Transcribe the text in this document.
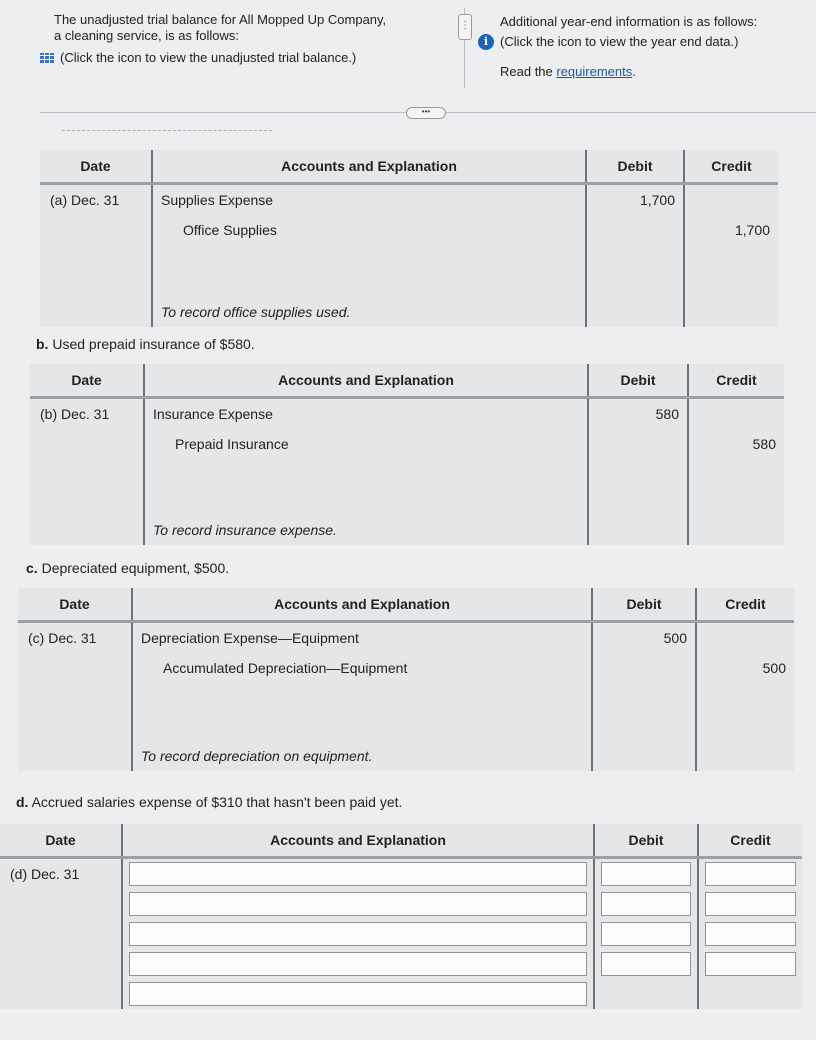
The unadjusted trial balance for All Mopped Up Company,
a cleaning service, is as follows:
(Click the icon to view the unadjusted trial balance.)
⋮ Additional year-end information is as follows:
i (Click the icon to view the year end data.)
Read the requirements.
•••
Date	Accounts and Explanation	Debit	Credit
(a) Dec. 31	Supplies Expense	1,700	
	Office Supplies		1,700

	To record office supplies used.		
b. Used prepaid insurance of $580.
Date	Accounts and Explanation	Debit	Credit
(b) Dec. 31	Insurance Expense	580	
	Prepaid Insurance		580

	To record insurance expense.		
c. Depreciated equipment, $500.
Date	Accounts and Explanation	Debit	Credit
(c) Dec. 31	Depreciation Expense—Equipment	500	
	Accumulated Depreciation—Equipment		500

	To record depreciation on equipment.		
d. Accrued salaries expense of $310 that hasn't been paid yet.
Date	Accounts and Explanation	Debit	Credit
(d) Dec. 31	
